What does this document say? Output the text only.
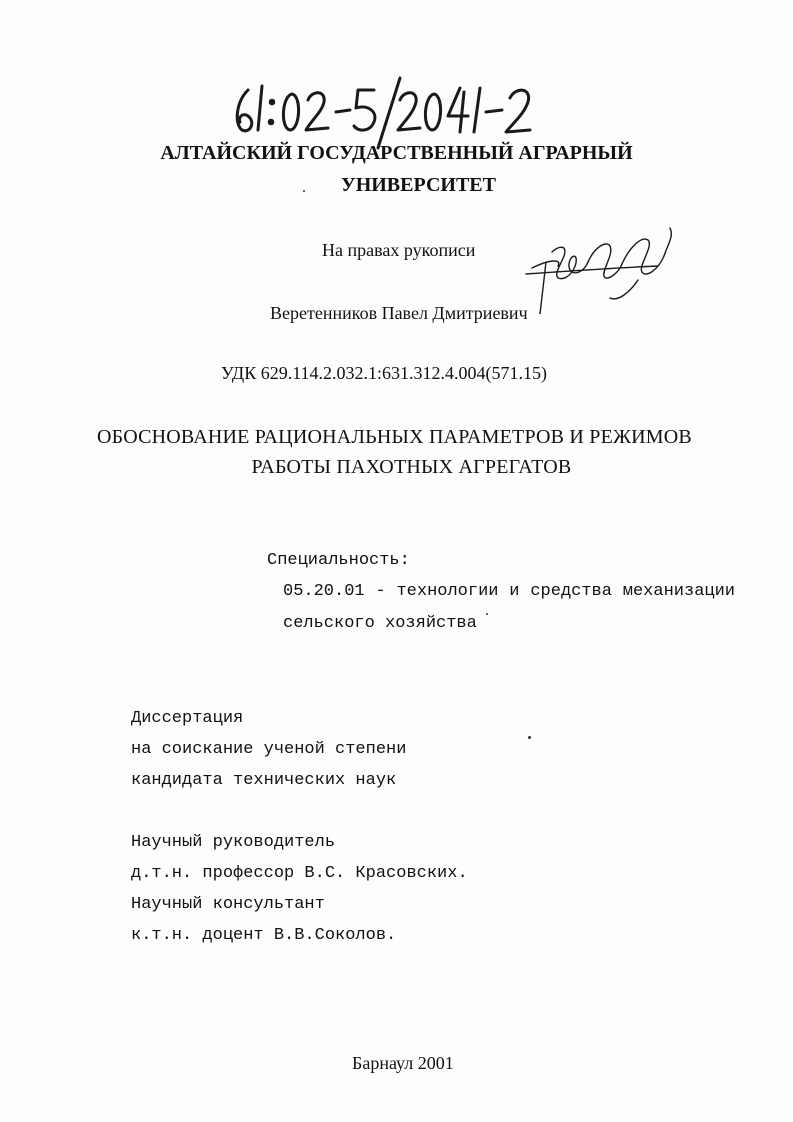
АЛТАЙСКИЙ ГОСУДАРСТВЕННЫЙ АГРАРНЫЙ
УНИВЕРСИТЕТ
На правах рукописи
Веретенников Павел Дмитриевич
УДК 629.114.2.032.1:631.312.4.004(571.15)
ОБОСНОВАНИЕ РАЦИОНАЛЬНЫХ ПАРАМЕТРОВ И РЕЖИМОВ
РАБОТЫ ПАХОТНЫХ АГРЕГАТОВ
Специальность:
05.20.01 - технологии и средства механизации
сельского хозяйства
Диссертация
на соискание ученой степени
кандидата технических наук
Научный руководитель
д.т.н. профессор В.С. Красовских.
Научный консультант
к.т.н. доцент В.В.Соколов.
Барнаул 2001
